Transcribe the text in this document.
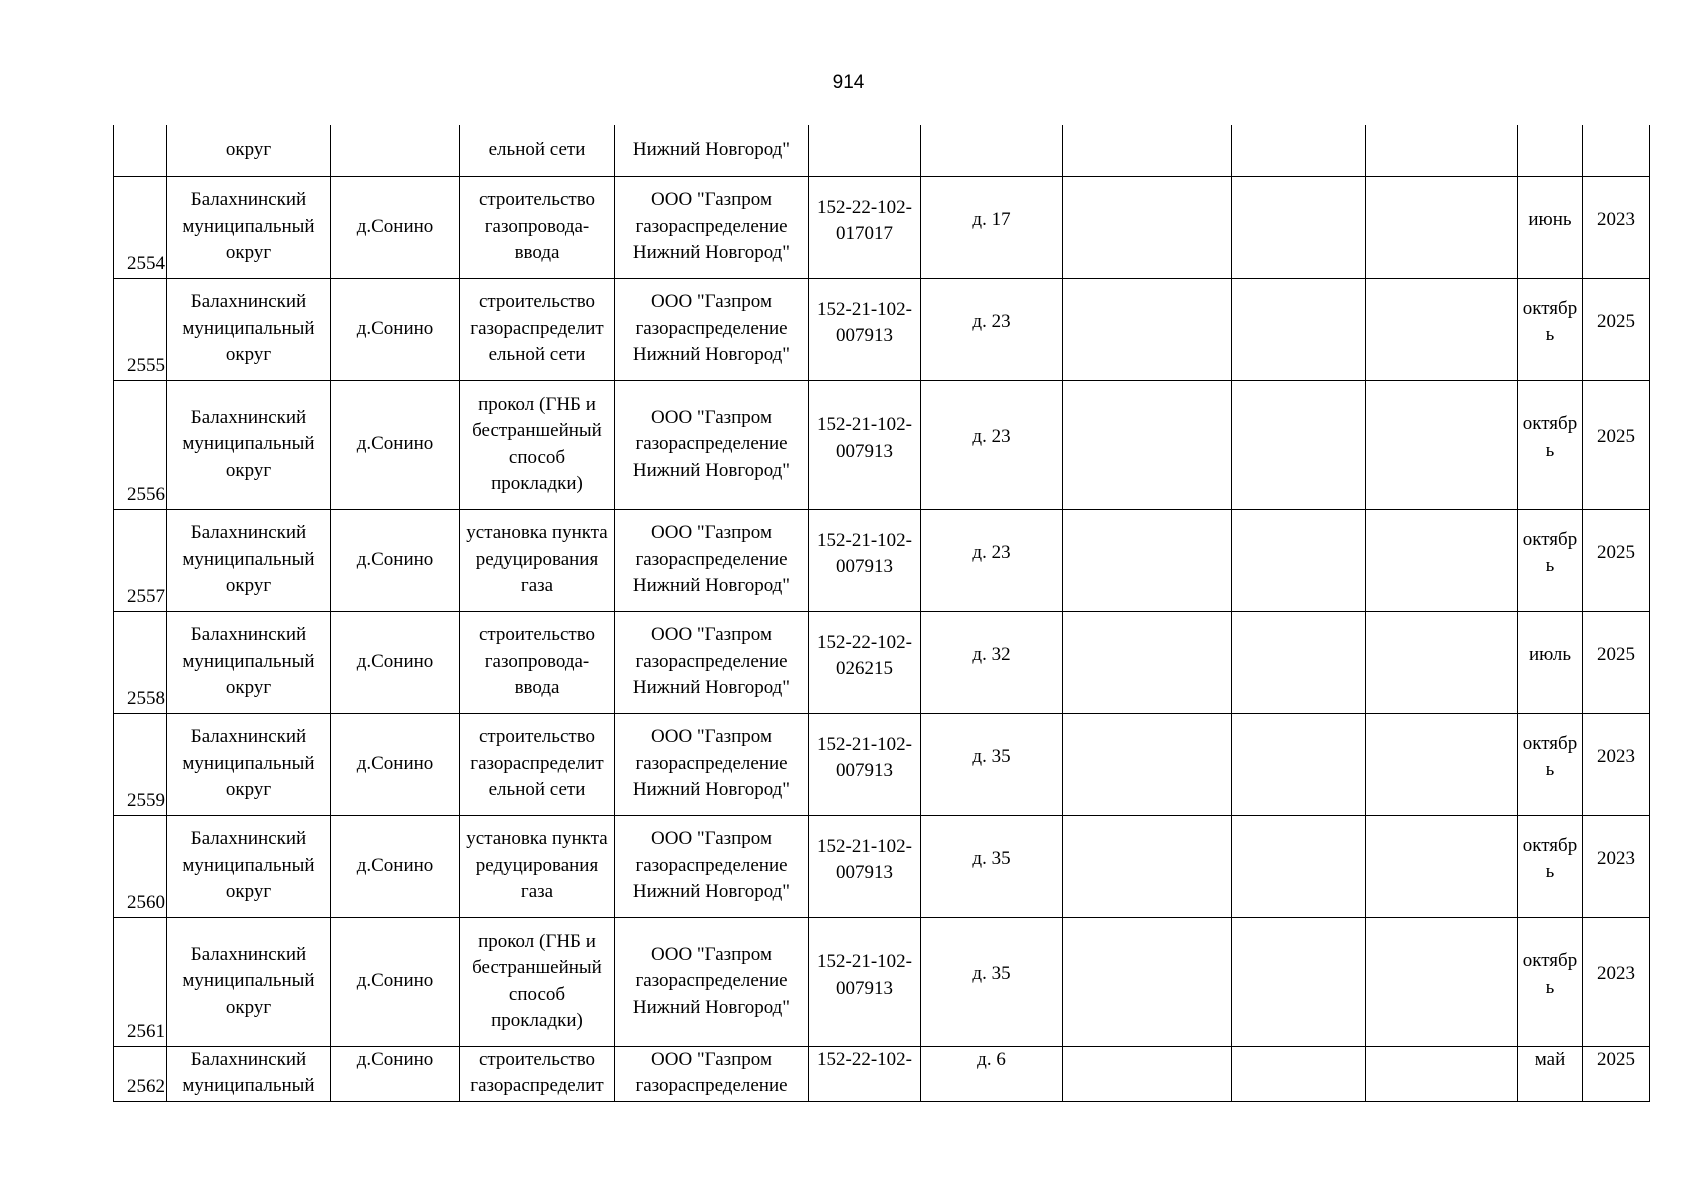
914

	округ		ельной сети	Нижний Новгород"							

2554	Балахнинский
муниципальный
округ	д.Сонино	строительство
газопровода-
ввода	ООО "Газпром
газораспределение
Нижний Новгород"	152-22-102-
017017	д. 17				июнь	2023
2555	Балахнинский
муниципальный
округ	д.Сонино	строительство
газораспределит
ельной сети	ООО "Газпром
газораспределение
Нижний Новгород"	152-21-102-
007913	д. 23				октябр
ь	2025
2556	Балахнинский
муниципальный
округ	д.Сонино	прокол (ГНБ и
бестраншейный
способ
прокладки)	ООО "Газпром
газораспределение
Нижний Новгород"	152-21-102-
007913	д. 23				октябр
ь	2025
2557	Балахнинский
муниципальный
округ	д.Сонино	установка пункта
редуцирования
газа	ООО "Газпром
газораспределение
Нижний Новгород"	152-21-102-
007913	д. 23				октябр
ь	2025
2558	Балахнинский
муниципальный
округ	д.Сонино	строительство
газопровода-
ввода	ООО "Газпром
газораспределение
Нижний Новгород"	152-22-102-
026215	д. 32				июль	2025
2559	Балахнинский
муниципальный
округ	д.Сонино	строительство
газораспределит
ельной сети	ООО "Газпром
газораспределение
Нижний Новгород"	152-21-102-
007913	д. 35				октябр
ь	2023
2560	Балахнинский
муниципальный
округ	д.Сонино	установка пункта
редуцирования
газа	ООО "Газпром
газораспределение
Нижний Новгород"	152-21-102-
007913	д. 35				октябр
ь	2023
2561	Балахнинский
муниципальный
округ	д.Сонино	прокол (ГНБ и
бестраншейный
способ
прокладки)	ООО "Газпром
газораспределение
Нижний Новгород"	152-21-102-
007913	д. 35				октябр
ь	2023
2562	Балахнинский
муниципальный	д.Сонино	строительство
газораспределит	ООО "Газпром
газораспределение	152-22-102-	д. 6				май	2025
